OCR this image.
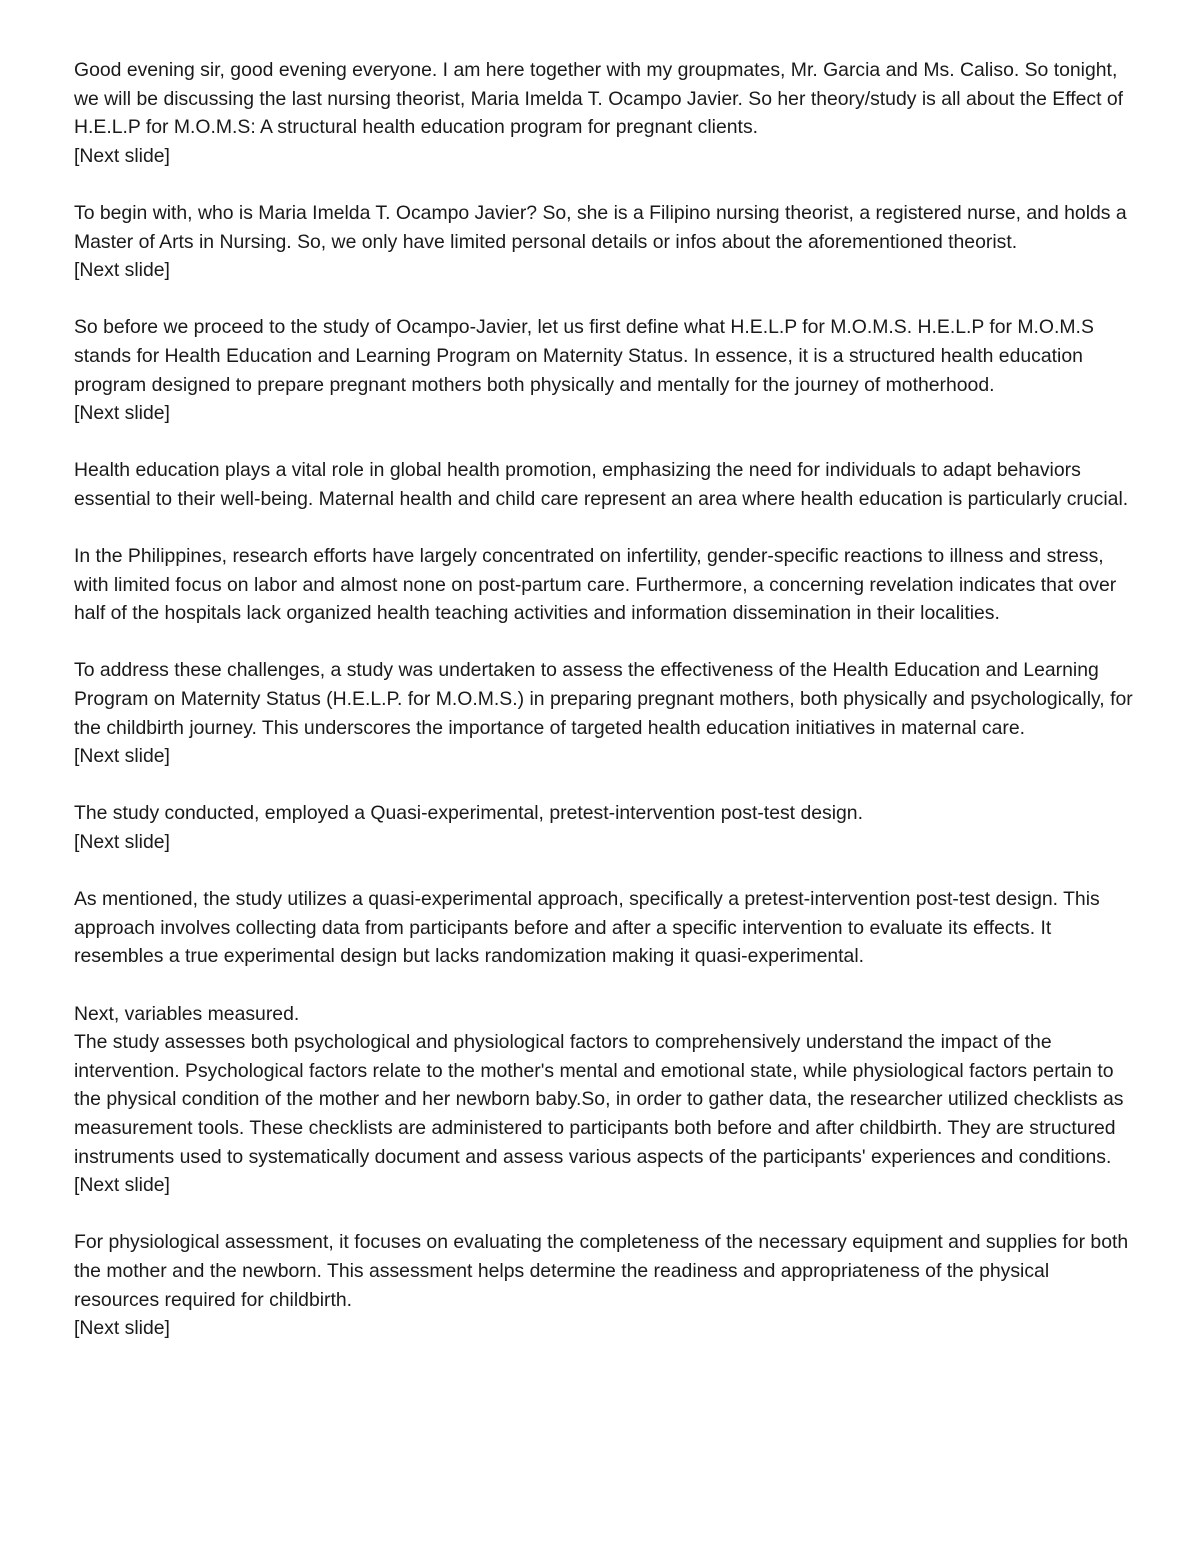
Good evening sir, good evening everyone. I am here together with my groupmates, Mr. Garcia and Ms. Caliso. So tonight, we will be discussing the last nursing theorist, Maria Imelda T. Ocampo Javier. So her theory/study is all about the Effect of H.E.L.P for M.O.M.S: A structural health education program for pregnant clients.

[Next slide]

To begin with, who is Maria Imelda T. Ocampo Javier? So, she is a Filipino nursing theorist, a registered nurse, and holds a Master of Arts in Nursing. So, we only have limited personal details or infos about the aforementioned theorist.

[Next slide]

So before we proceed to the study of Ocampo-Javier, let us first define what H.E.L.P for M.O.M.S. H.E.L.P for M.O.M.S stands for Health Education and Learning Program on Maternity Status. In essence, it is a structured health education program designed to prepare pregnant mothers both physically and mentally for the journey of motherhood.

[Next slide]

Health education plays a vital role in global health promotion, emphasizing the need for individuals to adapt behaviors essential to their well-being. Maternal health and child care represent an area where health education is particularly crucial.

In the Philippines, research efforts have largely concentrated on infertility, gender-specific reactions to illness and stress, with limited focus on labor and almost none on post-partum care. Furthermore, a concerning revelation indicates that over half of the hospitals lack organized health teaching activities and information dissemination in their localities.

To address these challenges, a study was undertaken to assess the effectiveness of the Health Education and Learning Program on Maternity Status (H.E.L.P. for M.O.M.S.) in preparing pregnant mothers, both physically and psychologically, for the childbirth journey. This underscores the importance of targeted health education initiatives in maternal care.

[Next slide]

The study conducted, employed a Quasi-experimental, pretest-intervention post-test design.

[Next slide]

As mentioned, the study utilizes a quasi-experimental approach, specifically a pretest-intervention post-test design. This approach involves collecting data from participants before and after a specific intervention to evaluate its effects. It resembles a true experimental design but lacks randomization making it quasi-experimental.

Next, variables measured.

The study assesses both psychological and physiological factors to comprehensively understand the impact of the intervention. Psychological factors relate to the mother's mental and emotional state, while physiological factors pertain to the physical condition of the mother and her newborn baby.So, in order to gather data, the researcher utilized checklists as measurement tools. These checklists are administered to participants both before and after childbirth. They are structured instruments used to systematically document and assess various aspects of the participants' experiences and conditions.

[Next slide]

For physiological assessment, it focuses on evaluating the completeness of the necessary equipment and supplies for both the mother and the newborn. This assessment helps determine the readiness and appropriateness of the physical resources required for childbirth.

[Next slide]
